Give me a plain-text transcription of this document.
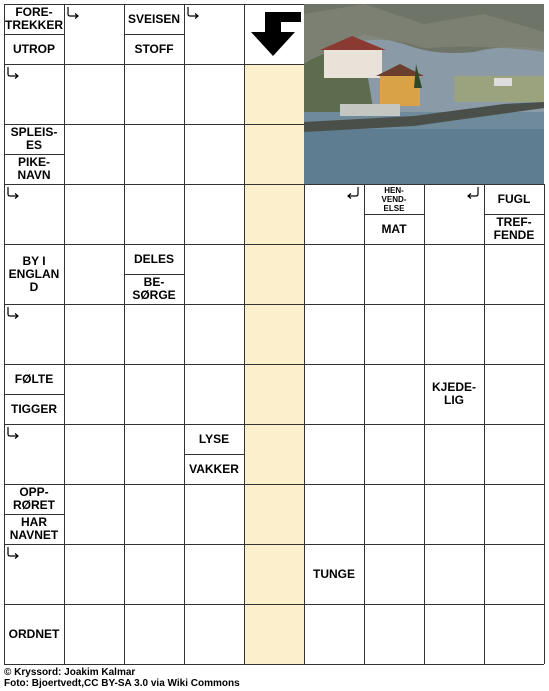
FORE-
TREKKER
UTROP
SVEISEN
STOFF
SPLEIS-
ES
PIKE-
NAVN
HEN-
VEND-
ELSE
MAT
FUGL
TREF-
FENDE
BY I
ENGLAND
DELES
BE-
SØRGE
FØLTE
TIGGER
KJEDE-
LIG
LYSE
VAKKER
OPP-
RØRET
HAR
NAVNET
TUNGE
ORDNET
© Kryssord: Joakim Kalmar
Foto: Bjoertvedt,CC BY-SA 3.0 via Wiki Commons
